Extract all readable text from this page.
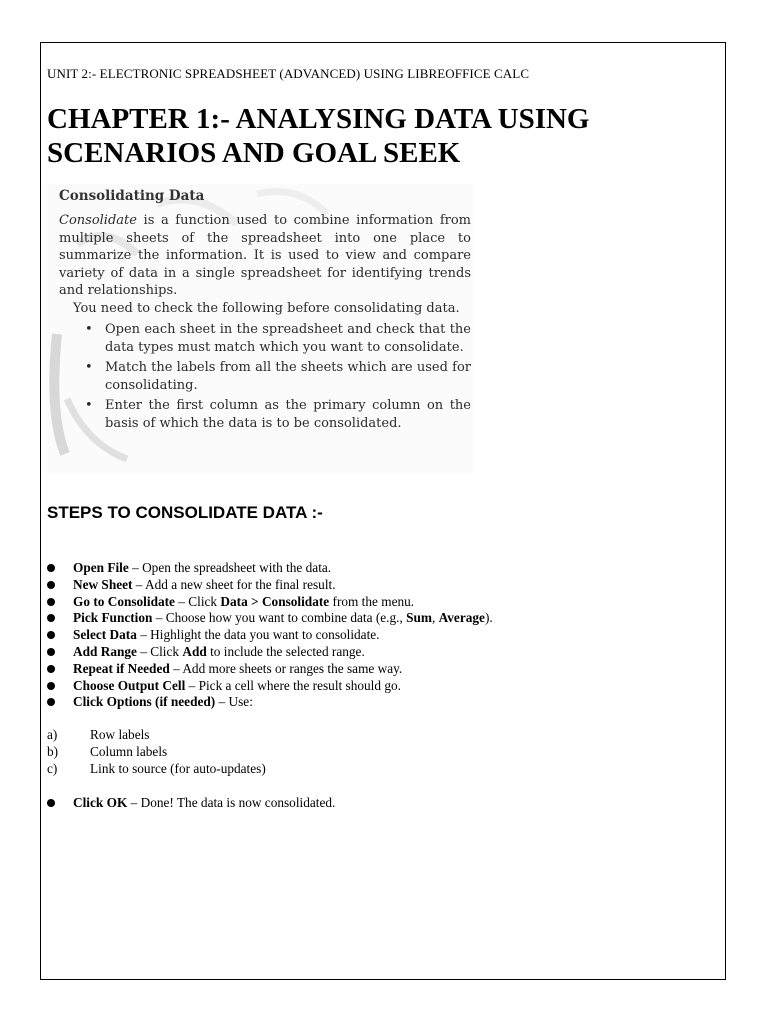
UNIT 2:- ELECTRONIC SPREADSHEET (ADVANCED) USING LIBREOFFICE CALC
CHAPTER 1:- ANALYSING DATA USING SCENARIOS AND GOAL SEEK
Consolidating Data

Consolidate is a function used to combine information from multiple sheets of the spreadsheet into one place to summarize the information. It is used to view and compare variety of data in a single spreadsheet for identifying trends and relationships.

You need to check the following before consolidating data.

• Open each sheet in the spreadsheet and check that the data types must match which you want to consolidate.
• Match the labels from all the sheets which are used for consolidating.
• Enter the first column as the primary column on the basis of which the data is to be consolidated.
STEPS TO CONSOLIDATE DATA :-
Open File – Open the spreadsheet with the data.
New Sheet – Add a new sheet for the final result.
Go to Consolidate – Click Data > Consolidate from the menu.
Pick Function – Choose how you want to combine data (e.g., Sum, Average).
Select Data – Highlight the data you want to consolidate.
Add Range – Click Add to include the selected range.
Repeat if Needed – Add more sheets or ranges the same way.
Choose Output Cell – Pick a cell where the result should go.
Click Options (if needed) – Use:
a) Row labels
b) Column labels
c) Link to source (for auto-updates)
Click OK – Done! The data is now consolidated.
